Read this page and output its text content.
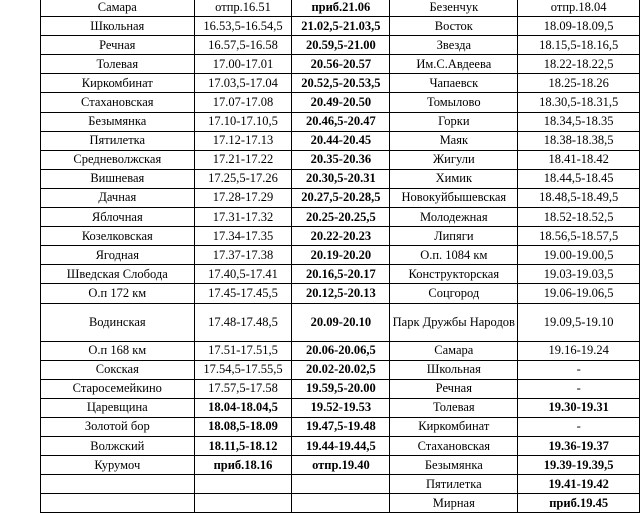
Самара	отпр.16.51	приб.21.06	Безенчук	отпр.18.04
Школьная	16.53,5-16.54,5	21.02,5-21.03,5	Восток	18.09-18.09,5
Речная	16.57,5-16.58	20.59,5-21.00	Звезда	18.15,5-18.16,5
Толевая	17.00-17.01	20.56-20.57	Им.С.Авдеева	18.22-18.22,5
Киркомбинат	17.03,5-17.04	20.52,5-20.53,5	Чапаевск	18.25-18.26
Стахановская	17.07-17.08	20.49-20.50	Томылово	18.30,5-18.31,5
Безымянка	17.10-17.10,5	20.46,5-20.47	Горки	18.34,5-18.35
Пятилетка	17.12-17.13	20.44-20.45	Маяк	18.38-18.38,5
Средневолжская	17.21-17.22	20.35-20.36	Жигули	18.41-18.42
Вишневая	17.25,5-17.26	20.30,5-20.31	Химик	18.44,5-18.45
Дачная	17.28-17.29	20.27,5-20.28,5	Новокуйбышевская	18.48,5-18.49,5
Яблочная	17.31-17.32	20.25-20.25,5	Молодежная	18.52-18.52,5
Козелковская	17.34-17.35	20.22-20.23	Липяги	18.56,5-18.57,5
Ягодная	17.37-17.38	20.19-20.20	О.п. 1084 км	19.00-19.00,5
Шведская Слобода	17.40,5-17.41	20.16,5-20.17	Конструкторская	19.03-19.03,5
О.п 172 км	17.45-17.45,5	20.12,5-20.13	Соцгород	19.06-19.06,5
Водинская	17.48-17.48,5	20.09-20.10	Парк Дружбы Народов	19.09,5-19.10
О.п 168 км	17.51-17.51,5	20.06-20.06,5	Самара	19.16-19.24
Сокская	17.54,5-17.55,5	20.02-20.02,5	Школьная	-
Старосемейкино	17.57,5-17.58	19.59,5-20.00	Речная	-
Царевщина	18.04-18.04,5	19.52-19.53	Толевая	19.30-19.31
Золотой бор	18.08,5-18.09	19.47,5-19.48	Киркомбинат	-
Волжский	18.11,5-18.12	19.44-19.44,5	Стахановская	19.36-19.37
Курумоч	приб.18.16	отпр.19.40	Безымянка	19.39-19.39,5
			Пятилетка	19.41-19.42
			Мирная	приб.19.45
